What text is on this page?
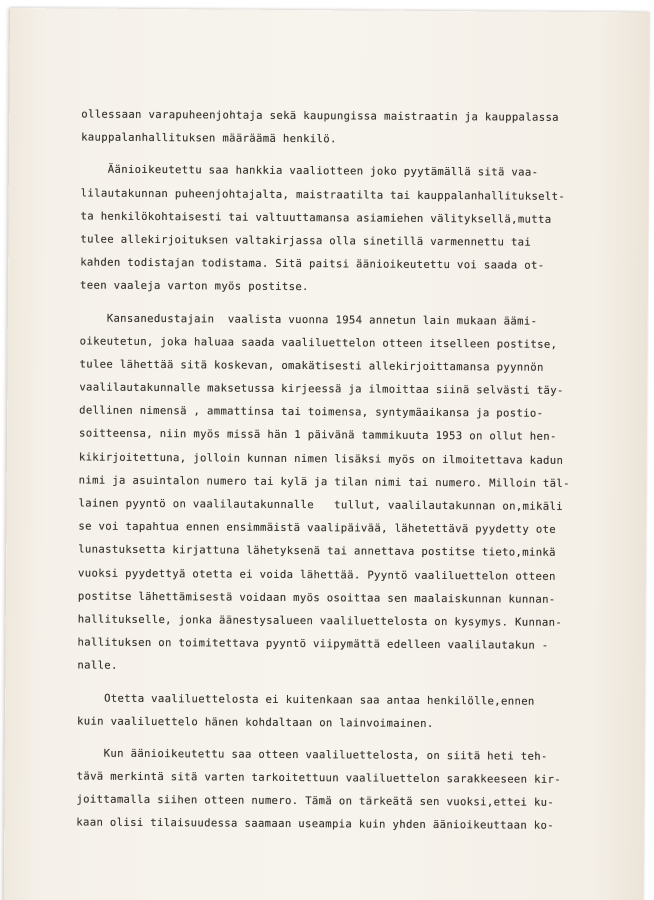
ollessaan varapuheenjohtaja sekä kaupungissa maistraatin ja kauppalassa
kauppalanhallituksen määräämä henkilö.
Äänioikeutettu saa hankkia vaaliotteen joko pyytämällä sitä vaa-
lilautakunnan puheenjohtajalta, maistraatilta tai kauppalanhallitukselt-
ta henkilökohtaisesti tai valtuuttamansa asiamiehen välityksellä,mutta
tulee allekirjoituksen valtakirjassa olla sinetillä varmennettu tai
kahden todistajan todistama. Sitä paitsi äänioikeutettu voi saada ot-
teen vaaleja varton myös postitse.
Kansanedustajain  vaalista vuonna 1954 annetun lain mukaan äämi-
oikeutetun, joka haluaa saada vaaliluettelon otteen itselleen postitse,
tulee lähettää sitä koskevan, omakätisesti allekirjoittamansa pyynnön
vaalilautakunnalle maksetussa kirjeessä ja ilmoittaa siinä selvästi täy-
dellinen nimensä , ammattinsa tai toimensa, syntymäaikansa ja postio-
soitteensa, niin myös missä hän 1 päivänä tammikuuta 1953 on ollut hen-
kikirjoitettuna, jolloin kunnan nimen lisäksi myös on ilmoitettava kadun
nimi ja asuintalon numero tai kylä ja tilan nimi tai numero. Milloin täl-
lainen pyyntö on vaalilautakunnalle   tullut, vaalilautakunnan on,mikäli
se voi tapahtua ennen ensimmäistä vaalipäivää, lähetettävä pyydetty ote
lunastuksetta kirjattuna lähetyksenä tai annettava postitse tieto,minkä
vuoksi pyydettyä otetta ei voida lähettää. Pyyntö vaaliluettelon otteen
postitse lähettämisestä voidaan myös osoittaa sen maalaiskunnan kunnan-
hallitukselle, jonka äänestysalueen vaaliluettelosta on kysymys. Kunnan-
hallituksen on toimitettava pyyntö viipymättä edelleen vaalilautakun -
nalle.
Otetta vaaliluettelosta ei kuitenkaan saa antaa henkilölle,ennen
kuin vaaliluettelo hänen kohdaltaan on lainvoimainen.
Kun äänioikeutettu saa otteen vaaliluettelosta, on siitä heti teh-
tävä merkintä sitä varten tarkoitettuun vaaliluettelon sarakkeeseen kir-
joittamalla siihen otteen numero. Tämä on tärkeätä sen vuoksi,ettei ku-
kaan olisi tilaisuudessa saamaan useampia kuin yhden äänioikeuttaan ko-
